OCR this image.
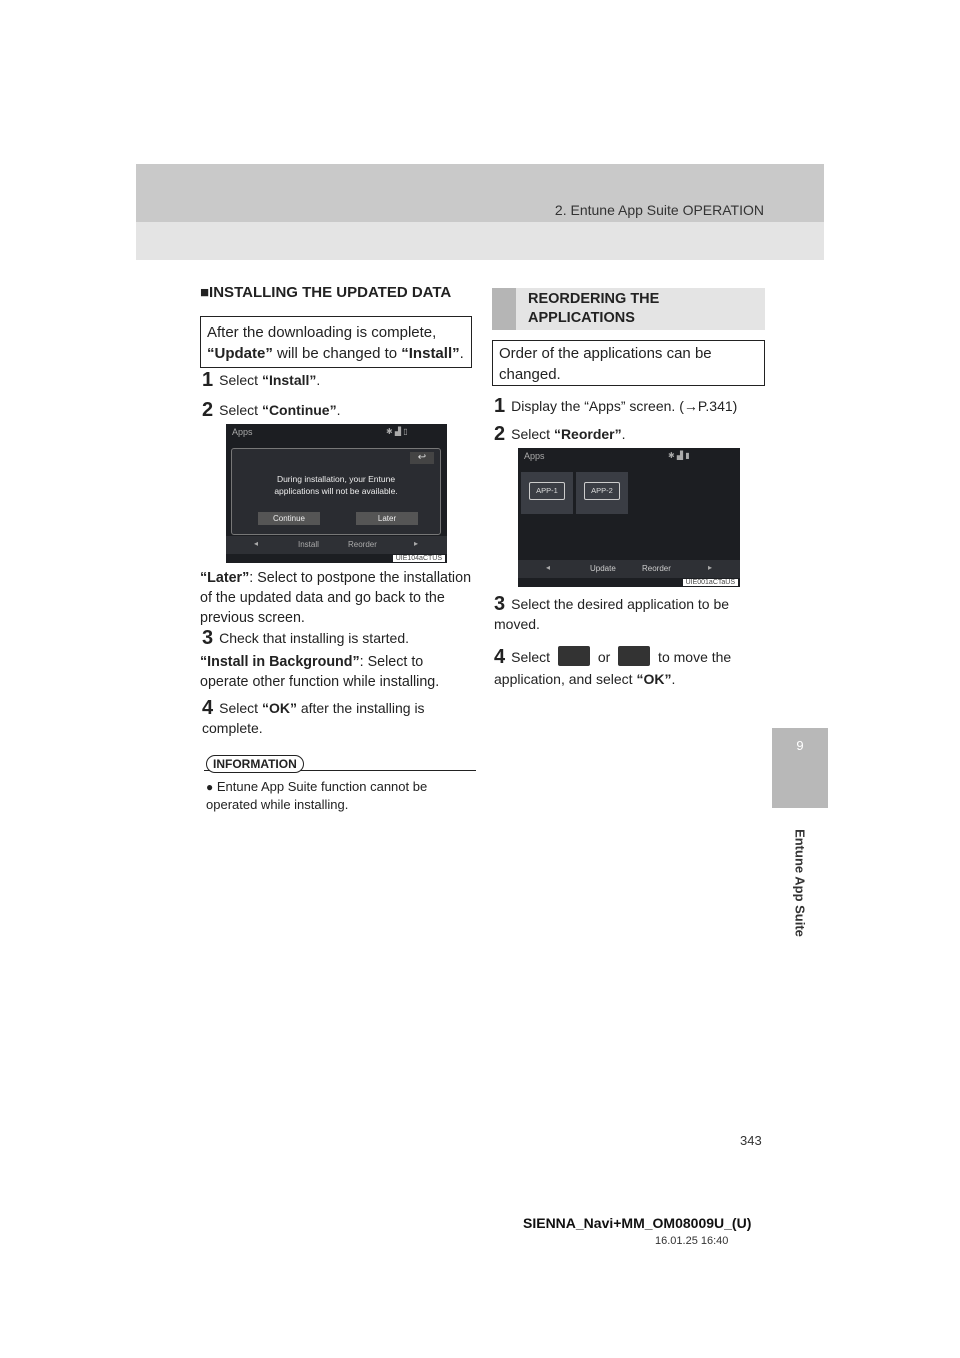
2. Entune App Suite OPERATION
9
Entune App Suite
■INSTALLING THE UPDATED DATA
After the downloading is complete, “Update” will be changed to “Install”.
1 Select “Install”.
2 Select “Continue”.
Apps	✱ ▟ ▯
↩
During installation, your Entune applications will not be available.
Continue	Later
◂	Install	Reorder	▸
UIE104aCTUS
“Later”: Select to postpone the installation of the updated data and go back to the previous screen.
3 Check that installing is started.
“Install in Background”: Select to operate other function while installing.
4 Select “OK” after the installing is complete.
INFORMATION
● Entune App Suite function cannot be operated while installing.
REORDERING THE APPLICATIONS
Order of the applications can be changed.
1 Display the “Apps” screen. (→P.341)
2 Select “Reorder”.
Apps	✱ ▟ ▮
APP-1	APP-2
◂	Update	Reorder	▸
UIE001aCTaUS
3 Select the desired application to be moved.
4 Select	or	to move the application, and select “OK”.
343
SIENNA_Navi+MM_OM08009U_(U)
16.01.25 16:40
